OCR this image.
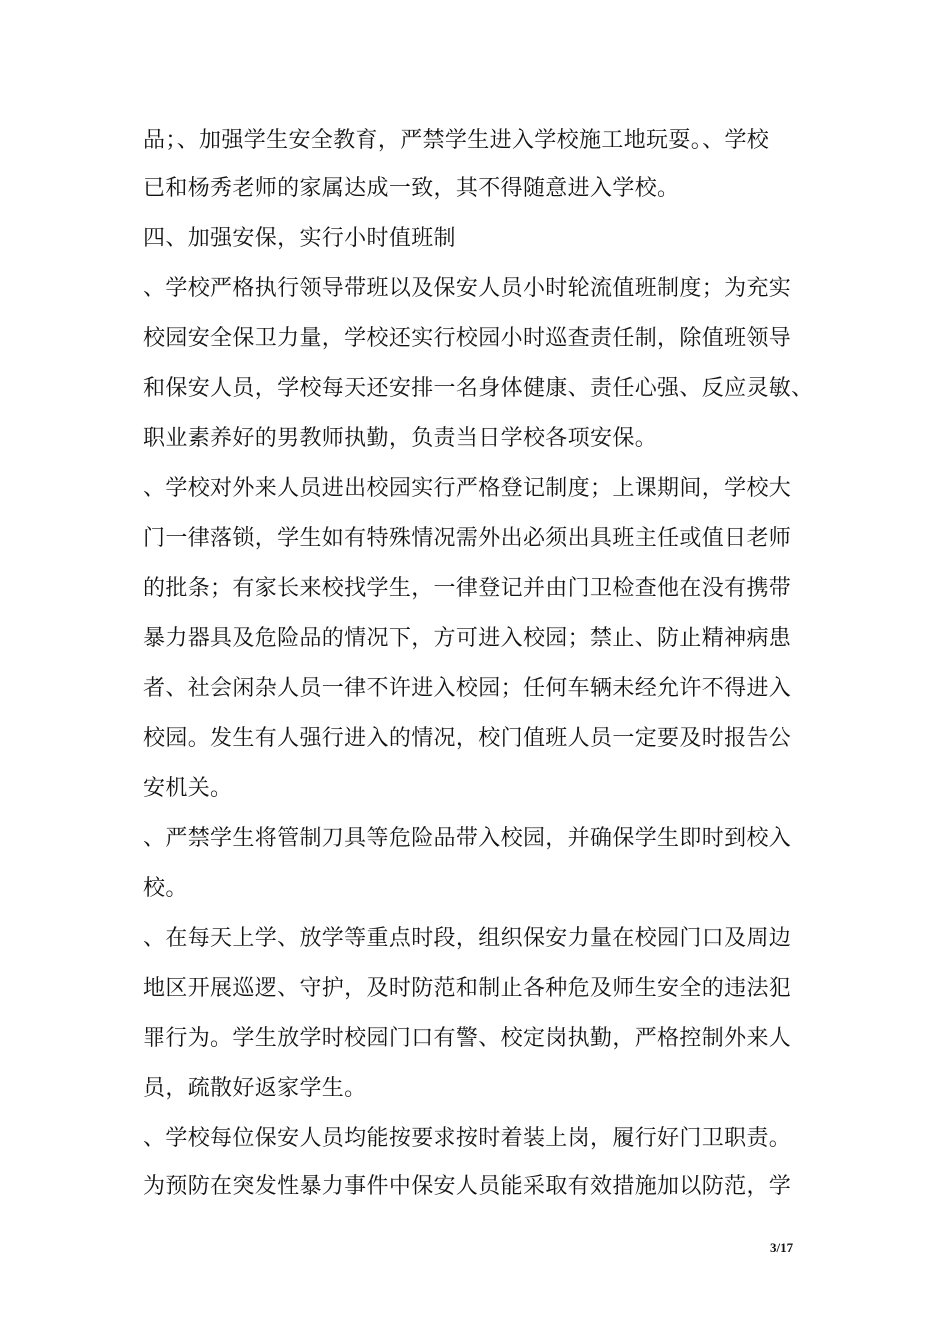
品；、加强学生安全教育，严禁学生进入学校施工地玩耍。、学校
已和杨秀老师的家属达成一致，其不得随意进入学校。
四、加强安保，实行小时值班制
、学校严格执行领导带班以及保安人员小时轮流值班制度；为充实
校园安全保卫力量，学校还实行校园小时巡查责任制，除值班领导
和保安人员，学校每天还安排一名身体健康、责任心强、反应灵敏、
职业素养好的男教师执勤，负责当日学校各项安保。
、学校对外来人员进出校园实行严格登记制度；上课期间，学校大
门一律落锁，学生如有特殊情况需外出必须出具班主任或值日老师
的批条；有家长来校找学生，一律登记并由门卫检查他在没有携带
暴力器具及危险品的情况下，方可进入校园；禁止、防止精神病患
者、社会闲杂人员一律不许进入校园；任何车辆未经允许不得进入
校园。发生有人强行进入的情况，校门值班人员一定要及时报告公
安机关。
、严禁学生将管制刀具等危险品带入校园，并确保学生即时到校入
校。
、在每天上学、放学等重点时段，组织保安力量在校园门口及周边
地区开展巡逻、守护，及时防范和制止各种危及师生安全的违法犯
罪行为。学生放学时校园门口有警、校定岗执勤，严格控制外来人
员，疏散好返家学生。
、学校每位保安人员均能按要求按时着装上岗，履行好门卫职责。
为预防在突发性暴力事件中保安人员能采取有效措施加以防范，学
3/17
